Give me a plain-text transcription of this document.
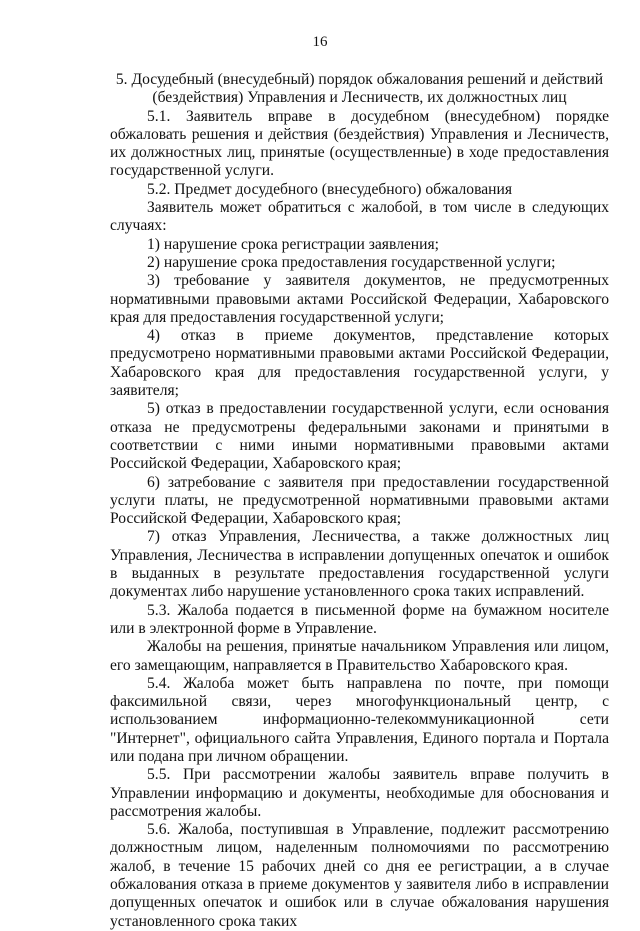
16

5. Досудебный (внесудебный) порядок обжалования решений и действий (бездействия) Управления и Лесничеств, их должностных лиц

5.1. Заявитель вправе в досудебном (внесудебном) порядке обжаловать решения и действия (бездействия) Управления и Лесничеств, их должностных лиц, принятые (осуществленные) в ходе предоставления государственной услуги.

5.2. Предмет досудебного (внесудебного) обжалования

Заявитель может обратиться с жалобой, в том числе в следующих случаях:

1) нарушение срока регистрации заявления;

2) нарушение срока предоставления государственной услуги;

3) требование у заявителя документов, не предусмотренных нормативными правовыми актами Российской Федерации, Хабаровского края для предоставления государственной услуги;

4) отказ в приеме документов, представление которых предусмотрено нормативными правовыми актами Российской Федерации, Хабаровского края для предоставления государственной услуги, у заявителя;

5) отказ в предоставлении государственной услуги, если основания отказа не предусмотрены федеральными законами и принятыми в соответствии с ними иными нормативными правовыми актами Российской Федерации, Хабаровского края;

6) затребование с заявителя при предоставлении государственной услуги платы, не предусмотренной нормативными правовыми актами Российской Федерации, Хабаровского края;

7) отказ Управления, Лесничества, а также должностных лиц Управления, Лесничества в исправлении допущенных опечаток и ошибок в выданных в результате предоставления государственной услуги документах либо нарушение установленного срока таких исправлений.

5.3. Жалоба подается в письменной форме на бумажном носителе или в электронной форме в Управление.

Жалобы на решения, принятые начальником Управления или лицом, его замещающим, направляется в Правительство Хабаровского края.

5.4. Жалоба может быть направлена по почте, при помощи факсимильной связи, через многофункциональный центр, с использованием информационно-телекоммуникационной сети "Интернет", официального сайта Управления, Единого портала и Портала или подана при личном обращении.

5.5. При рассмотрении жалобы заявитель вправе получить в Управлении информацию и документы, необходимые для обоснования и рассмотрения жалобы.

5.6. Жалоба, поступившая в Управление, подлежит рассмотрению должностным лицом, наделенным полномочиями по рассмотрению жалоб, в течение 15 рабочих дней со дня ее регистрации, а в случае обжалования отказа в приеме документов у заявителя либо в исправлении допущенных опечаток и ошибок или в случае обжалования нарушения установленного срока таких
